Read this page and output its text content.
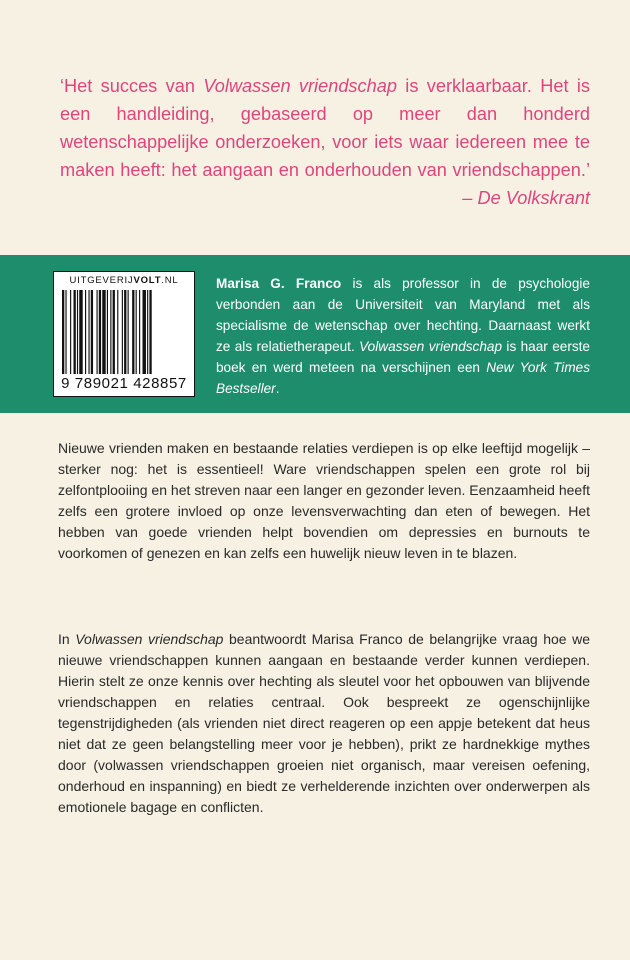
‘Het succes van Volwassen vriendschap is verklaarbaar. Het is een handleiding, gebaseerd op meer dan honderd wetenschappelijke onderzoeken, voor iets waar iedereen mee te maken heeft: het aangaan en onderhouden van vriendschappen.’ – De Volkskrant

UITGEVERIJVOLT.NL
9 789021 428857

Marisa G. Franco is als professor in de psychologie verbonden aan de Universiteit van Maryland met als specialisme de wetenschap over hechting. Daarnaast werkt ze als relatietherapeut. Volwassen vriendschap is haar eerste boek en werd meteen na verschijnen een New York Times Bestseller.

Nieuwe vrienden maken en bestaande relaties verdiepen is op elke leeftijd mogelijk – sterker nog: het is essentieel! Ware vriendschappen spelen een grote rol bij zelfontplooiing en het streven naar een langer en gezonder leven. Eenzaamheid heeft zelfs een grotere invloed op onze levensverwachting dan eten of bewegen. Het hebben van goede vrienden helpt bovendien om depressies en burnouts te voorkomen of genezen en kan zelfs een huwelijk nieuw leven in te blazen.

In Volwassen vriendschap beantwoordt Marisa Franco de belangrijke vraag hoe we nieuwe vriendschappen kunnen aangaan en bestaande verder kunnen verdiepen. Hierin stelt ze onze kennis over hechting als sleutel voor het opbouwen van blijvende vriendschappen en relaties centraal. Ook bespreekt ze ogenschijnlijke tegenstrijdigheden (als vrienden niet direct reageren op een appje betekent dat heus niet dat ze geen belangstelling meer voor je hebben), prikt ze hardnekkige mythes door (volwassen vriendschappen groeien niet organisch, maar vereisen oefening, onderhoud en inspanning) en biedt ze verhelderende inzichten over onderwerpen als emotionele bagage en conflicten.
